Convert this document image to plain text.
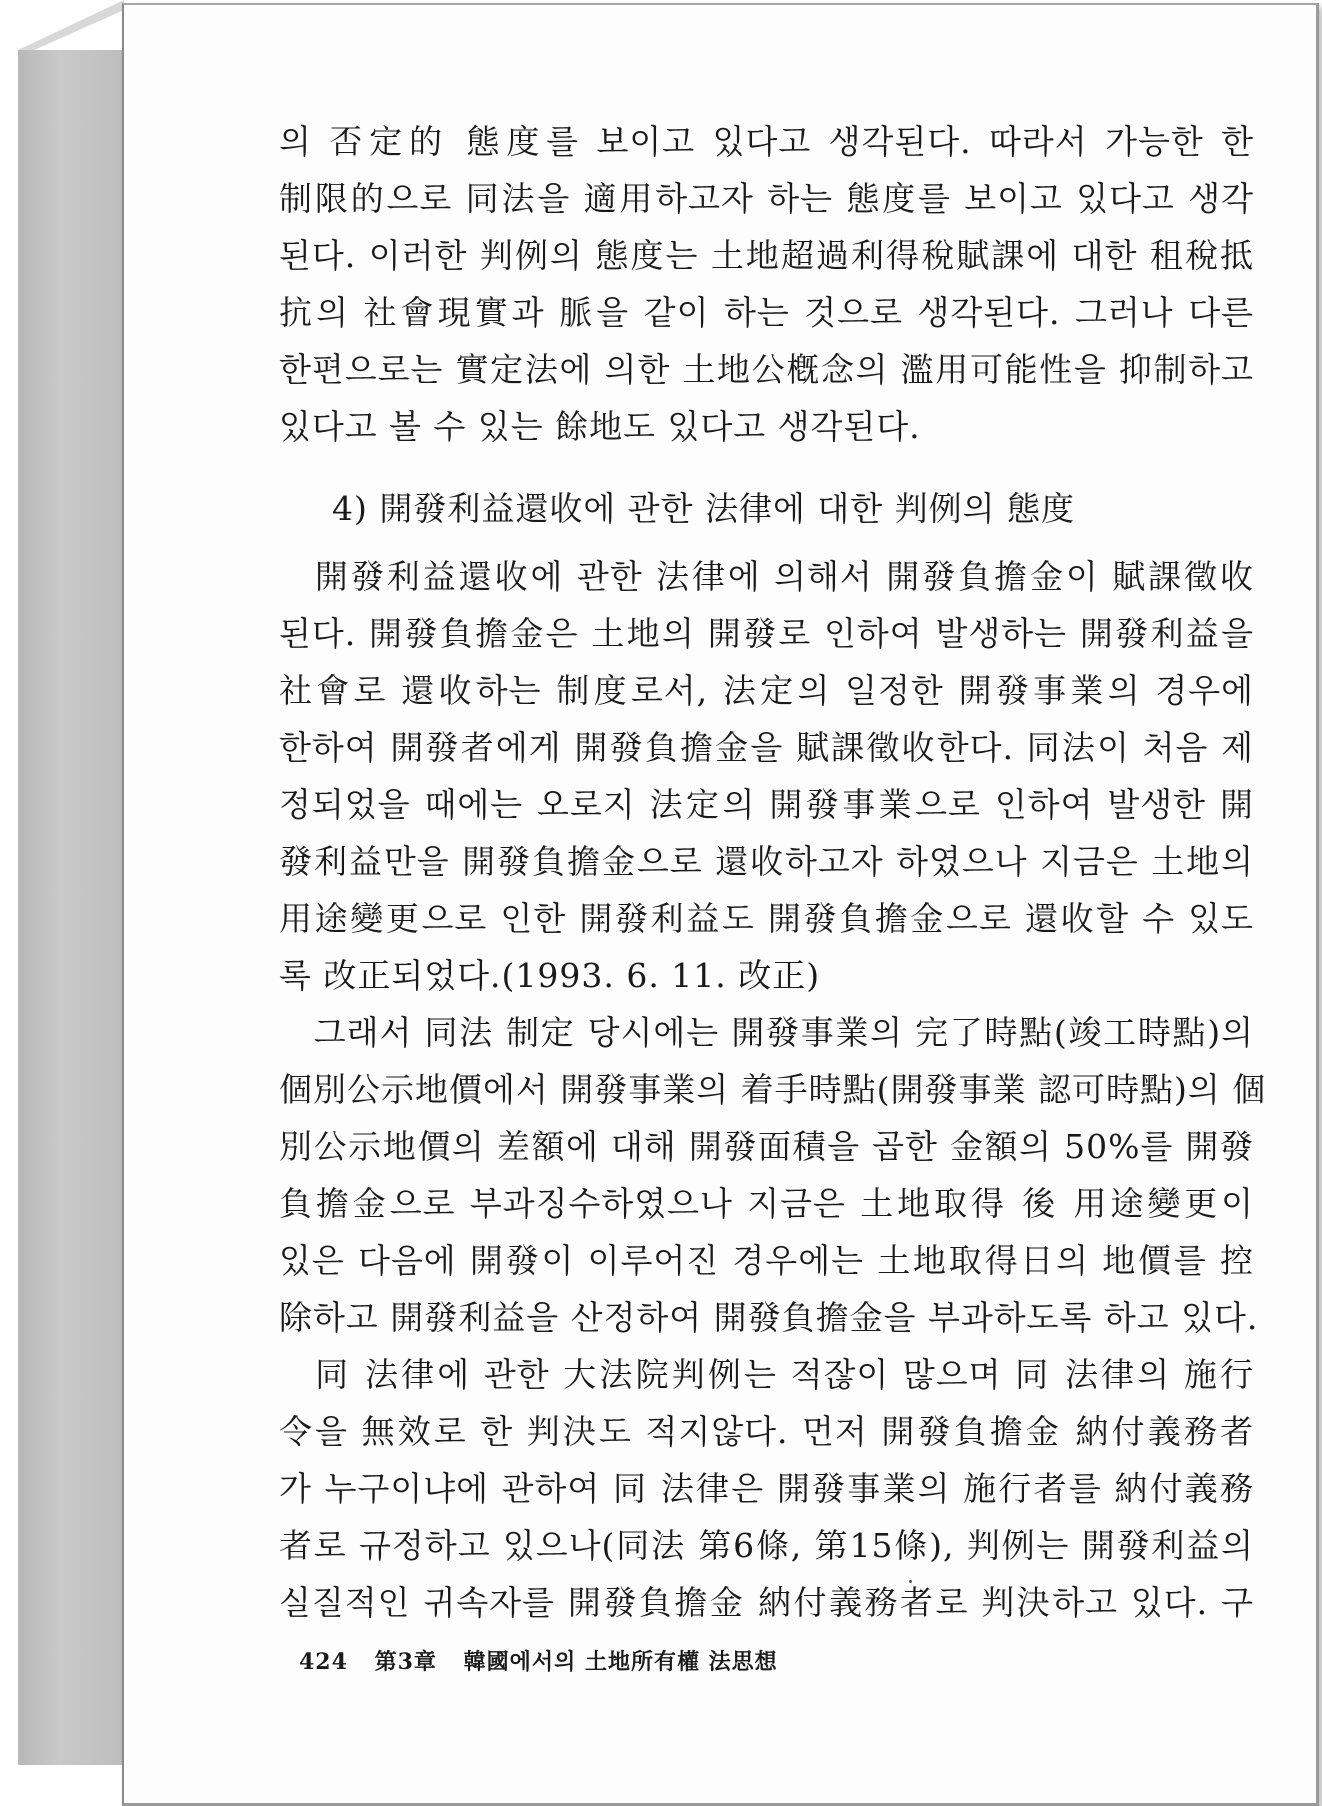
의 否定的 態度를 보이고 있다고 생각된다. 따라서 가능한 한
制限的으로 同法을 適用하고자 하는 態度를 보이고 있다고 생각
된다. 이러한 判例의 態度는 土地超過利得稅賦課에 대한 租稅抵
抗의 社會現實과 脈을 같이 하는 것으로 생각된다. 그러나 다른
한편으로는 實定法에 의한 土地公槪念의 濫用可能性을 抑制하고
있다고 볼 수 있는 餘地도 있다고 생각된다.
4) 開發利益還收에 관한 法律에 대한 判例의 態度
　開發利益還收에 관한 法律에 의해서 開發負擔金이 賦課徵收
된다. 開發負擔金은 土地의 開發로 인하여 발생하는 開發利益을
社會로 還收하는 制度로서, 法定의 일정한 開發事業의 경우에
한하여 開發者에게 開發負擔金을 賦課徵收한다. 同法이 처음 제
정되었을 때에는 오로지 法定의 開發事業으로 인하여 발생한 開
發利益만을 開發負擔金으로 還收하고자 하였으나 지금은 土地의
用途變更으로 인한 開發利益도 開發負擔金으로 還收할 수 있도
록 改正되었다.(1993. 6. 11. 改正)
　그래서 同法 制定 당시에는 開發事業의 完了時點(竣工時點)의
個別公示地價에서 開發事業의 着手時點(開發事業 認可時點)의 個
別公示地價의 差額에 대해 開發面積을 곱한 金額의 50%를 開發
負擔金으로 부과징수하였으나 지금은 土地取得 後 用途變更이
있은 다음에 開發이 이루어진 경우에는 土地取得日의 地價를 控
除하고 開發利益을 산정하여 開發負擔金을 부과하도록 하고 있다.
　同 法律에 관한 大法院判例는 적잖이 많으며 同 法律의 施行
令을 無效로 한 判決도 적지않다. 먼저 開發負擔金 納付義務者
가 누구이냐에 관하여 同 法律은 開發事業의 施行者를 納付義務
者로 규정하고 있으나(同法 第6條, 第15條), 判例는 開發利益의
실질적인 귀속자를 開發負擔金 納付義務者로 判決하고 있다. 구
424 第3章 韓國에서의 土地所有權 法思想
